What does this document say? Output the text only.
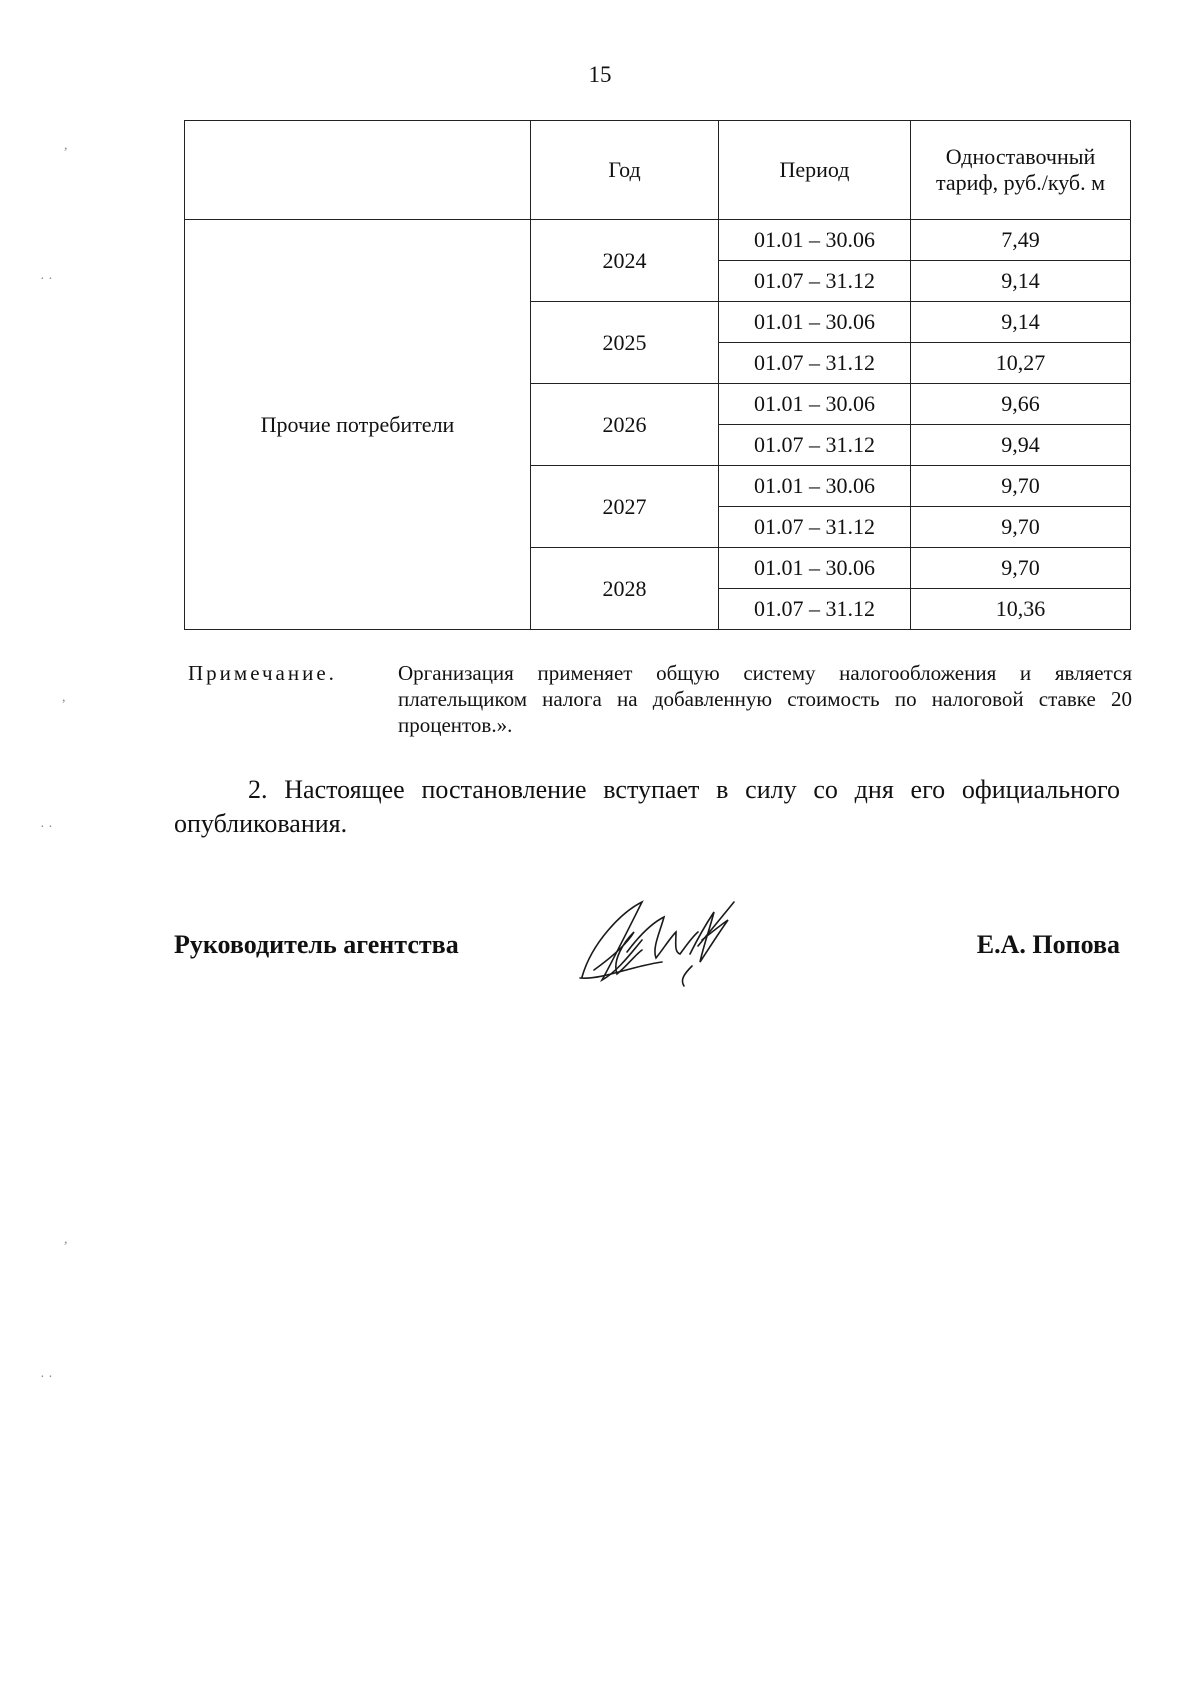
15
	Год	Период	Одноставочный тариф, руб./куб. м
Прочие потребители	2024	01.01 – 30.06	7,49
		01.07 – 31.12	9,14
	2025	01.01 – 30.06	9,14
		01.07 – 31.12	10,27
	2026	01.01 – 30.06	9,66
		01.07 – 31.12	9,94
	2027	01.01 – 30.06	9,70
		01.07 – 31.12	9,70
	2028	01.01 – 30.06	9,70
		01.07 – 31.12	10,36
Примечание.	Организация применяет общую систему налогообложения и является плательщиком налога на добавленную стоимость по налоговой ставке 20 процентов.».
2. Настоящее постановление вступает в силу со дня его официального опубликования.
Руководитель агентства	Е.А. Попова
,
· ·
,
· ·
,
· ·
